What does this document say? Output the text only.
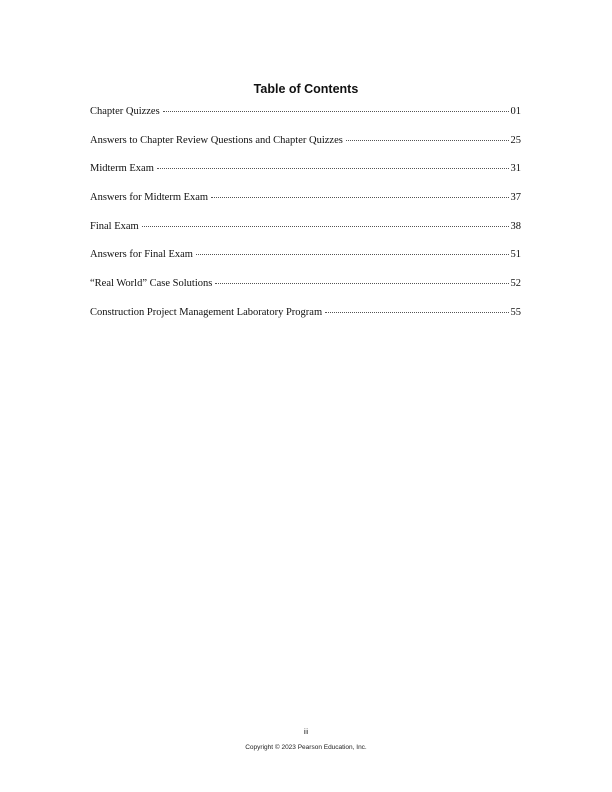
Table of Contents
Chapter Quizzes	01
Answers to Chapter Review Questions and Chapter Quizzes	25
Midterm Exam	31
Answers for Midterm Exam	37
Final Exam	38
Answers for Final Exam	51
“Real World” Case Solutions	52
Construction Project Management Laboratory Program	55
iii
Copyright © 2023 Pearson Education, Inc.
